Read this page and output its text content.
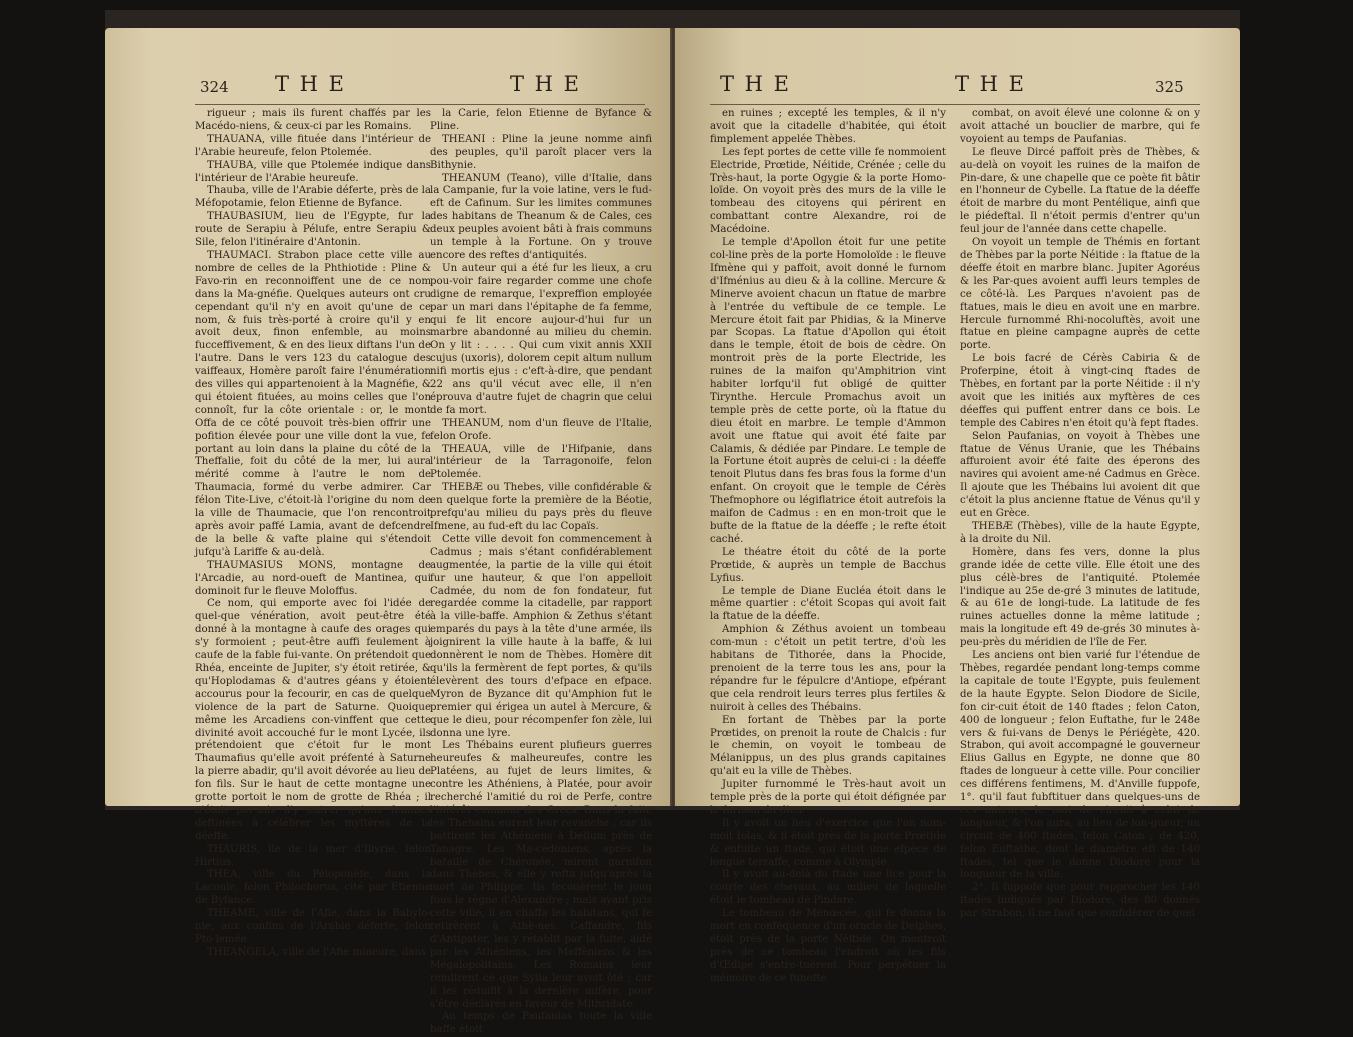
324 T H E	T H E

rigueur ; mais ils furent chaffés par les Macédo-niens, & ceux-ci par les Romains.

THAUANA, ville fituée dans l'intérieur de l'Arabie heureufe, felon Ptolemée.

THAUBA, ville que Ptolemée indique dans l'intérieur de l'Arabie heureufe.

Thauba, ville de l'Arabie déferte, près de la Méfopotamie, felon Etienne de Byfance.

THAUBASIUM, lieu de l'Egypte, fur la route de Serapiu à Pélufe, entre Serapiu & Sile, felon l'itinéraire d'Antonin.

THAUMACI. Strabon place cette ville au nombre de celles de la Phthiotide : Pline & Favo-rin en reconnoiffent une de ce nom dans la Ma-gnéfie. Quelques auteurs ont cru cependant qu'il n'y en avoit qu'une de ce nom, & fuis très-porté à croire qu'il y en avoit deux, finon enfemble, au moins fucceffivement, & en des lieux diftans l'un de l'autre. Dans le vers 123 du catalogue des vaiffeaux, Homère paroît faire l'énumération des villes qui appartenoient à la Magnéfie, & qui étoient fituées, au moins celles que l'on connoît, fur la côte orientale : or, le mont Offa de ce côté pouvoit très-bien offrir une pofition élevée pour une ville dont la vue, fe portant au loin dans la plaine du côté de la Theffalie, foit du côté de la mer, lui aura mérité comme à l'autre le nom de Thaumacia, formé du verbe admirer. Car félon Tite-Live, c'étoit-là l'origine du nom de la ville de Thaumacie, que l'on rencontroit après avoir paffé Lamia, avant de defcendre de la belle & vafte plaine qui s'étendoit jufqu'à Lariffe & au-delà.

THAUMASIUS MONS, montagne de l'Arcadie, au nord-oueft de Mantinea, qui dominoit fur le fleuve Moloffus.

Ce nom, qui emporte avec foi l'idée de quel-que vénération, avoit peut-être été donné à la montagne à caufe des orages qui s'y formoient ; peut-être auffi feulement à caufe de la fable fui-vante. On prétendoit que Rhéa, enceinte de Jupiter, s'y étoit retirée, & qu'Hoplodamas & d'autres géans y étoient accourus pour la fecourir, en cas de quelque violence de la part de Saturne. Quoique même les Arcadiens con-vinffent que cette divinité avoit accouché fur le mont Lycée, ils prétendoient que c'étoit fur le mont Thaumafius qu'elle avoit préfenté à Saturne la pierre abadir, qu'il avoit dévorée au lieu de fon fils. Sur le haut de cette montagne une grotte portoit le nom de grotte de Rhéa ; il n'étoit per-mis d'y entrer qu'aux femmes deftinées à célébrer les myftères de la déeffe.

THAURIS, île de la mer d'Illyrie, felon Hirtius.

THEA, ville du Péloponèfe, dans la Laconie, felon Philochorus, cité par Etienne de Byfance.

THEAME, ville de l'Afie, dans la Babylo-nie, aux confins de l'Arabie déferte, felon Pto-lemée.

THEANGELA, ville de l'Afie mineure, dans

la Carie, felon Etienne de Byfance & Pline.

THEANI : Pline la jeune nomme ainfi des peuples, qu'il paroît placer vers la Bithynie.

THEANUM (Teano), ville d'Italie, dans la Campanie, fur la voie latine, vers le fud-eft de Cafinum. Sur les limites communes des habitans de Theanum & de Cales, ces deux peuples avoient bâti à frais communs un temple à la Fortune. On y trouve encore des reftes d'antiquités.

Un auteur qui a été fur les lieux, a cru pou-voir faire regarder comme une chofe digne de remarque, l'expreffion employée par un mari dans l'épitaphe de fa femme, qui fe lit encore aujour-d'hui fur un marbre abandonné au milieu du chemin. On y lit : . . . . Qui cum vixit annis XXII cujus (uxoris), dolorem cepit altum nullum nifi mortis ejus : c'eft-à-dire, que pendant 22 ans qu'il vécut avec elle, il n'en éprouva d'autre fujet de chagrin que celui de fa mort.

THEANUM, nom d'un fleuve de l'Italie, felon Orofe.

THEAUA, ville de l'Hifpanie, dans l'intérieur de la Tarragonoife, felon Ptolemée.

THEBÆ ou Thebes, ville confidérable & en quelque forte la première de la Béotie, prefqu'au milieu du pays près du fleuve Ifmene, au fud-eft du lac Copaïs.

Cette ville devoit fon commencement à Cadmus ; mais s'étant confidérablement augmentée, la partie de la ville qui étoit fur une hauteur, & que l'on appelloit Cadmée, du nom de fon fondateur, fut regardée comme la citadelle, par rapport à la ville-baffe. Amphion & Zethus s'étant emparés du pays à la tête d'une armée, ils joignirent la ville haute à la baffe, & lui donnèrent le nom de Thèbes. Homère dit qu'ils la fermèrent de fept portes, & qu'ils élevèrent des tours d'efpace en efpace. Myron de Byzance dit qu'Amphion fut le premier qui érigea un autel à Mercure, & que le dieu, pour récompenfer fon zèle, lui donna une lyre.

Les Thébains eurent plufieurs guerres heureufes & malheureufes, contre les Platéens, au fujet de leurs limites, & contre les Athéniens, à Platée, pour avoir recherché l'amitié du roi de Perfe, contre l'intérêt commun des Grecs. Dans la fuite les Thébains eurent leur revanche ; car ils battirent les Athéniens à Delium près de Tanagre. Les Ma-cédoniens, après la bataille de Chéronée, mirent garnifon dans Thèbes, & elle y refta jufqu'après la mort de Philippe. Ils fecouèrent le joug fous le règne d'Alexandre ; mais ayant pris cette ville, il en chaffa les habitans, qui fe retirèrent à Athè-nes. Caffandre, fils d'Antipater, les y rétablit par la fuite, aidé par les Athéniens, les Meffèniens & les Mégalopolitains. Les Romains leur rendirent ce que Sylla leur avoit ôté ; car il les réduifit à la dernière mifère, pour s'être déclarés en faveur de Mithridate.

Au temps de Paufanias toute la ville baffe étoit

T H E	T H E	325

en ruines ; excepté les temples, & il n'y avoit que la citadelle d'habitée, qui étoit fimplement appelée Thèbes.

Les fept portes de cette ville fe nommoient Electride, Prœtide, Néitide, Crénée ; celle du Très-haut, la porte Ogygie & la porte Homo-loïde. On voyoit près des murs de la ville le tombeau des citoyens qui périrent en combattant contre Alexandre, roi de Macédoine.

Le temple d'Apollon étoit fur une petite col-line près de la porte Homoloïde : le fleuve Ifmène qui y paffoit, avoit donné le furnom d'Ifménius au dieu & à la colline. Mercure & Minerve avoient chacun un ftatue de marbre à l'entrée du veftibule de ce temple. Le Mercure étoit fait par Phidias, & la Minerve par Scopas. La ftatue d'Apollon qui étoit dans le temple, étoit de bois de cèdre. On montroit près de la porte Electride, les ruines de la maifon qu'Amphitrion vint habiter lorfqu'il fut obligé de quitter Tirynthe. Hercule Promachus avoit un temple près de cette porte, où la ftatue du dieu étoit en marbre. Le temple d'Ammon avoit une ftatue qui avoit été faite par Calamis, & dédiée par Pindare. Le temple de la Fortune étoit auprès de celui-ci : la déeffe tenoit Plutus dans fes bras fous la forme d'un enfant. On croyoit que le temple de Cérès Thefmophore ou légiflatrice étoit autrefois la maifon de Cadmus : en en mon-troit que le bufte de la ftatue de la déeffe ; le refte étoit caché.

Le théatre étoit du côté de la porte Prœtide, & auprès un temple de Bacchus Lyfius.

Le temple de Diane Eucléa étoit dans le même quartier : c'étoit Scopas qui avoit fait la ftatue de la déeffe.

Amphion & Zéthus avoient un tombeau com-mun : c'étoit un petit tertre, d'où les habitans de Tithorée, dans la Phocide, prenoient de la terre tous les ans, pour la répandre fur le fépulcre d'Antiope, efpérant que cela rendroit leurs terres plus fertiles & nuiroit à celles des Thébains.

En fortant de Thèbes par la porte Prœtides, on prenoit la route de Chalcis : fur le chemin, on voyoit le tombeau de Mélanippus, un des plus grands capitaines qu'ait eu la ville de Thèbes.

Jupiter furnommé le Très-haut avoit un temple près de la porte qui étoit défignée par le furnom du dieu.

Il y avoit un lieu d'exercice que l'on nom-moit Iolas, & il étoit près de la porte Prœtide & enfuite un ftade, qui étoit une efpèce de longue terraffe, comme à Olympie.

Il y avoit au-delà du ftade une lice pour la courfe des chevaux, au milieu de laquelle étoit le tombeau de Pindare.

Le tombeau de Ménœcée, qui fe donna la mort en conféquence d'un oracle de Delphes, étoit près de la porte Néitide. On montroit près de ce tombeau l'endroit où les fils d'Œdipe s'entre-tuèrent. Pour perpétuer la mémoire de ce funefte

combat, on avoit élevé une colonne & on y avoit attaché un bouclier de marbre, qui fe voyoient au temps de Paufanias.

Le fleuve Dircé paffoit près de Thèbes, & au-delà on voyoit les ruines de la maifon de Pin-dare, & une chapelle que ce poète fit bâtir en l'honneur de Cybelle. La ftatue de la déeffe étoit de marbre du mont Pentélique, ainfi que le piédeftal. Il n'étoit permis d'entrer qu'un feul jour de l'année dans cette chapelle.

On voyoit un temple de Thémis en fortant de Thèbes par la porte Néitide : la ftatue de la déeffe étoit en marbre blanc. Jupiter Agoréus & les Par-ques avoient auffi leurs temples de ce côté-là. Les Parques n'avoient pas de ftatues, mais le dieu en avoit une en marbre. Hercule furnommé Rhi-nocoluftès, avoit une ftatue en pleine campagne auprès de cette porte.

Le bois facré de Cérès Cabiria & de Proferpine, étoit à vingt-cinq ftades de Thèbes, en fortant par la porte Néitide : il n'y avoit que les initiés aux myftères de ces déeffes qui puffent entrer dans ce bois. Le temple des Cabires n'en étoit qu'à fept ftades.

Selon Paufanias, on voyoit à Thèbes une ftatue de Vénus Uranie, que les Thébains affuroient avoir été faite des éperons des navires qui avoient ame-né Cadmus en Grèce. Il ajoute que les Thébains lui avoient dit que c'étoit la plus ancienne ftatue de Vénus qu'il y eut en Grèce.

THEBÆ (Thèbes), ville de la haute Egypte, à la droite du Nil.

Homère, dans fes vers, donne la plus grande idée de cette ville. Elle étoit une des plus célè-bres de l'antiquité. Ptolemée l'indique au 25e de-gré 3 minutes de latitude, & au 61e de longi-tude. La latitude de fes ruines actuelles donne la même latitude ; mais la longitude eft 49 de-grés 30 minutes à-peu-près du méridien de l'île de Fer.

Les anciens ont bien varié fur l'étendue de Thèbes, regardée pendant long-temps comme la capitale de toute l'Egypte, puis feulement de la haute Egypte. Selon Diodore de Sicile, fon cir-cuit étoit de 140 ftades ; felon Caton, 400 de longueur ; felon Euftathe, fur le 248e vers & fui-vans de Denys le Périégète, 420. Strabon, qui avoit accompagné le gouverneur Elius Gallus en Egypte, ne donne que 80 ftades de longueur à cette ville. Pour concilier ces différens fentimens, M. d'Anville fuppofe, 1°. qu'il faut fubftituer dans quelques-uns de ces auteurs, le mot de circuit à celui de longueur, & l'on aura, au lieu de lon-gueur, un circuit de 400 ftades, felon Caton ; de 420, felon Euftathe, dont le diamètre eft de 140 ftades, tel que le donne Diodore pour la longueur de la ville.

2°. Il fuppofe que pour rapprocher les 140 ftades indiqués par Diodore, des 80 donnés par Strabon, il ne faut que confidérer de quel
